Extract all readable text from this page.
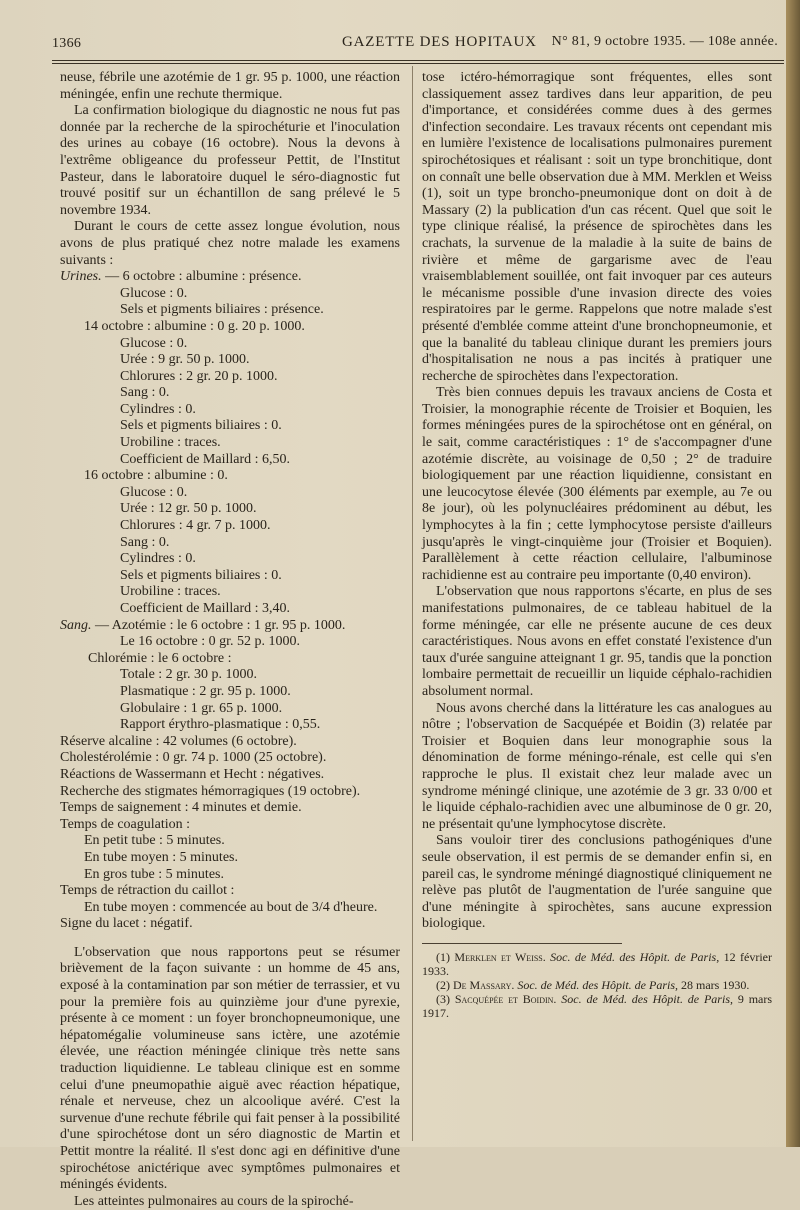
1366	GAZETTE DES HOPITAUX N° 81, 9 octobre 1935. — 108e année.

neuse, fébrile une azotémie de 1 gr. 95 p. 1000, une réaction méningée, enfin une rechute thermique.

La confirmation biologique du diagnostic ne nous fut pas donnée par la recherche de la spirochéturie et l'inoculation des urines au cobaye (16 octobre). Nous la devons à l'extrême obligeance du professeur Pettit, de l'Institut Pasteur, dans le laboratoire duquel le séro-diagnostic fut trouvé positif sur un échantillon de sang prélevé le 5 novembre 1934.

Durant le cours de cette assez longue évolution, nous avons de plus pratiqué chez notre malade les examens suivants :

Urines. — 6 octobre : albumine : présence.
Glucose : 0.
Sels et pigments biliaires : présence.
14 octobre : albumine : 0 g. 20 p. 1000.
Glucose : 0.
Urée : 9 gr. 50 p. 1000.
Chlorures : 2 gr. 20 p. 1000.
Sang : 0.
Cylindres : 0.
Sels et pigments biliaires : 0.
Urobiline : traces.
Coefficient de Maillard : 6,50.
16 octobre : albumine : 0.
Glucose : 0.
Urée : 12 gr. 50 p. 1000.
Chlorures : 4 gr. 7 p. 1000.
Sang : 0.
Cylindres : 0.
Sels et pigments biliaires : 0.
Urobiline : traces.
Coefficient de Maillard : 3,40.
Sang. — Azotémie : le 6 octobre : 1 gr. 95 p. 1000.
Le 16 octobre : 0 gr. 52 p. 1000.
Chlorémie : le 6 octobre :
Totale : 2 gr. 30 p. 1000.
Plasmatique : 2 gr. 95 p. 1000.
Globulaire : 1 gr. 65 p. 1000.
Rapport érythro-plasmatique : 0,55.
Réserve alcaline : 42 volumes (6 octobre).
Cholestérolémie : 0 gr. 74 p. 1000 (25 octobre).
Réactions de Wassermann et Hecht : négatives.
Recherche des stigmates hémorragiques (19 octobre).
Temps de saignement : 4 minutes et demie.
Temps de coagulation :
En petit tube : 5 minutes.
En tube moyen : 5 minutes.
En gros tube : 5 minutes.
Temps de rétraction du caillot :
En tube moyen : commencée au bout de 3/4 d'heure.
Signe du lacet : négatif.

L'observation que nous rapportons peut se résumer brièvement de la façon suivante : un homme de 45 ans, exposé à la contamination par son métier de terrassier, et vu pour la première fois au quinzième jour d'une pyrexie, présente à ce moment : un foyer bronchopneumonique, une hépatomégalie volumineuse sans ictère, une azotémie élevée, une réaction méningée clinique très nette sans traduction liquidienne. Le tableau clinique est en somme celui d'une pneumopathie aiguë avec réaction hépatique, rénale et nerveuse, chez un alcoolique avéré. C'est la survenue d'une rechute fébrile qui fait penser à la possibilité d'une spirochétose dont un séro diagnostic de Martin et Pettit montre la réalité. Il s'est donc agi en définitive d'une spirochétose anictérique avec symptômes pulmonaires et méningés évidents.

Les atteintes pulmonaires au cours de la spiroché-

tose ictéro-hémorragique sont fréquentes, elles sont classiquement assez tardives dans leur apparition, de peu d'importance, et considérées comme dues à des germes d'infection secondaire. Les travaux récents ont cependant mis en lumière l'existence de localisations pulmonaires purement spirochétosiques et réalisant : soit un type bronchitique, dont on connaît une belle observation due à MM. Merklen et Weiss (1), soit un type broncho-pneumonique dont on doit à de Massary (2) la publication d'un cas récent. Quel que soit le type clinique réalisé, la présence de spirochètes dans les crachats, la survenue de la maladie à la suite de bains de rivière et même de gargarisme avec de l'eau vraisemblablement souillée, ont fait invoquer par ces auteurs le mécanisme possible d'une invasion directe des voies respiratoires par le germe. Rappelons que notre malade s'est présenté d'emblée comme atteint d'une bronchopneumonie, et que la banalité du tableau clinique durant les premiers jours d'hospitalisation ne nous a pas incités à pratiquer une recherche de spirochètes dans l'expectoration.

Très bien connues depuis les travaux anciens de Costa et Troisier, la monographie récente de Troisier et Boquien, les formes méningées pures de la spirochétose ont en général, on le sait, comme caractéristiques : 1° de s'accompagner d'une azotémie discrète, au voisinage de 0,50 ; 2° de traduire biologiquement par une réaction liquidienne, consistant en une leucocytose élevée (300 éléments par exemple, au 7e ou 8e jour), où les polynucléaires prédominent au début, les lymphocytes à la fin ; cette lymphocytose persiste d'ailleurs jusqu'après le vingt-cinquième jour (Troisier et Boquien). Parallèlement à cette réaction cellulaire, l'albuminose rachidienne est au contraire peu importante (0,40 environ).

L'observation que nous rapportons s'écarte, en plus de ses manifestations pulmonaires, de ce tableau habituel de la forme méningée, car elle ne présente aucune de ces deux caractéristiques. Nous avons en effet constaté l'existence d'un taux d'urée sanguine atteignant 1 gr. 95, tandis que la ponction lombaire permettait de recueillir un liquide céphalo-rachidien absolument normal.

Nous avons cherché dans la littérature les cas analogues au nôtre ; l'observation de Sacquépée et Boidin (3) relatée par Troisier et Boquien dans leur monographie sous la dénomination de forme méningo-rénale, est celle qui s'en rapproche le plus. Il existait chez leur malade avec un syndrome méningé clinique, une azotémie de 3 gr. 33 0/00 et le liquide céphalo-rachidien avec une albuminose de 0 gr. 20, ne présentait qu'une lymphocytose discrète.

Sans vouloir tirer des conclusions pathogéniques d'une seule observation, il est permis de se demander enfin si, en pareil cas, le syndrome méningé diagnostiqué cliniquement ne relève pas plutôt de l'augmentation de l'urée sanguine que d'une méningite à spirochètes, sans aucune expression biologique.

(1) Merklen et Weiss. Soc. de Méd. des Hôpit. de Paris, 12 février 1933.

(2) De Massary. Soc. de Méd. des Hôpit. de Paris, 28 mars 1930.

(3) Sacquépée et Boidin. Soc. de Méd. des Hôpit. de Paris, 9 mars 1917.
